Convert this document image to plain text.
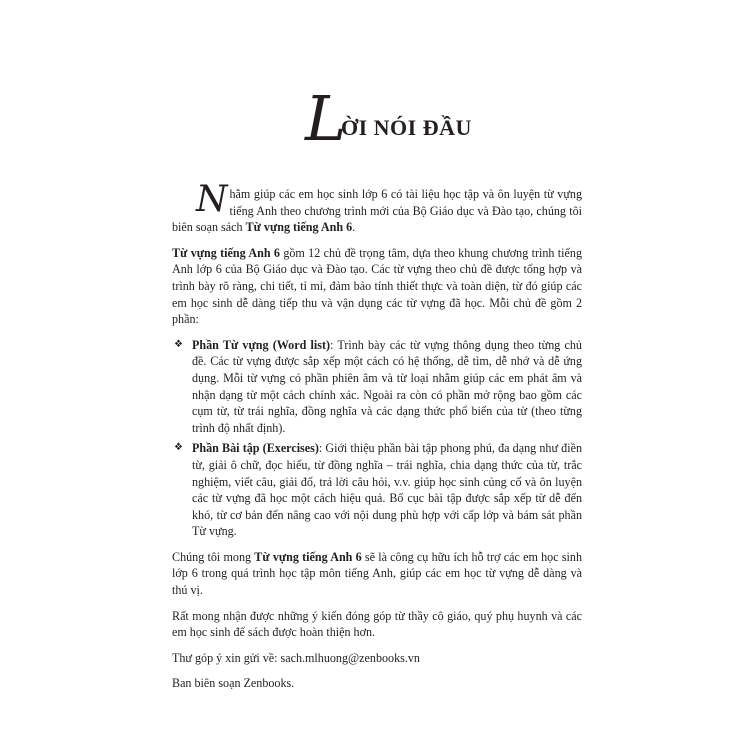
L
ỜI NÓI ĐẦU

Nhằm giúp các em học sinh lớp 6 có tài liệu học tập và ôn luyện từ vựng tiếng Anh theo chương trình mới của Bộ Giáo dục và Đào tạo, chúng tôi biên soạn sách Từ vựng tiếng Anh 6.

Từ vựng tiếng Anh 6 gồm 12 chủ đề trọng tâm, dựa theo khung chương trình tiếng Anh lớp 6 của Bộ Giáo dục và Đào tạo. Các từ vựng theo chủ đề được tổng hợp và trình bày rõ ràng, chi tiết, tỉ mỉ, đảm bảo tính thiết thực và toàn diện, từ đó giúp các em học sinh dễ dàng tiếp thu và vận dụng các từ vựng đã học. Mỗi chủ đề gồm 2 phần:

❖ Phần Từ vựng (Word list): Trình bày các từ vựng thông dụng theo từng chủ đề. Các từ vựng được sắp xếp một cách có hệ thống, dễ tìm, dễ nhớ và dễ ứng dụng. Mỗi từ vựng có phần phiên âm và từ loại nhằm giúp các em phát âm và nhận dạng từ một cách chính xác. Ngoài ra còn có phần mở rộng bao gồm các cụm từ, từ trái nghĩa, đồng nghĩa và các dạng thức phổ biến của từ (theo từng trình độ nhất định).
❖ Phần Bài tập (Exercises): Giới thiệu phần bài tập phong phú, đa dạng như điền từ, giải ô chữ, đọc hiểu, từ đồng nghĩa – trái nghĩa, chia dạng thức của từ, trắc nghiệm, viết câu, giải đố, trả lời câu hỏi, v.v. giúp học sinh củng cố và ôn luyện các từ vựng đã học một cách hiệu quả. Bố cục bài tập được sắp xếp từ dễ đến khó, từ cơ bản đến nâng cao với nội dung phù hợp với cấp lớp và bám sát phần Từ vựng.

Chúng tôi mong Từ vựng tiếng Anh 6 sẽ là công cụ hữu ích hỗ trợ các em học sinh lớp 6 trong quá trình học tập môn tiếng Anh, giúp các em học từ vựng dễ dàng và thú vị.

Rất mong nhận được những ý kiến đóng góp từ thầy cô giáo, quý phụ huynh và các em học sinh để sách được hoàn thiện hơn.

Thư góp ý xin gửi về: sach.mlhuong@zenbooks.vn

Ban biên soạn Zenbooks.
